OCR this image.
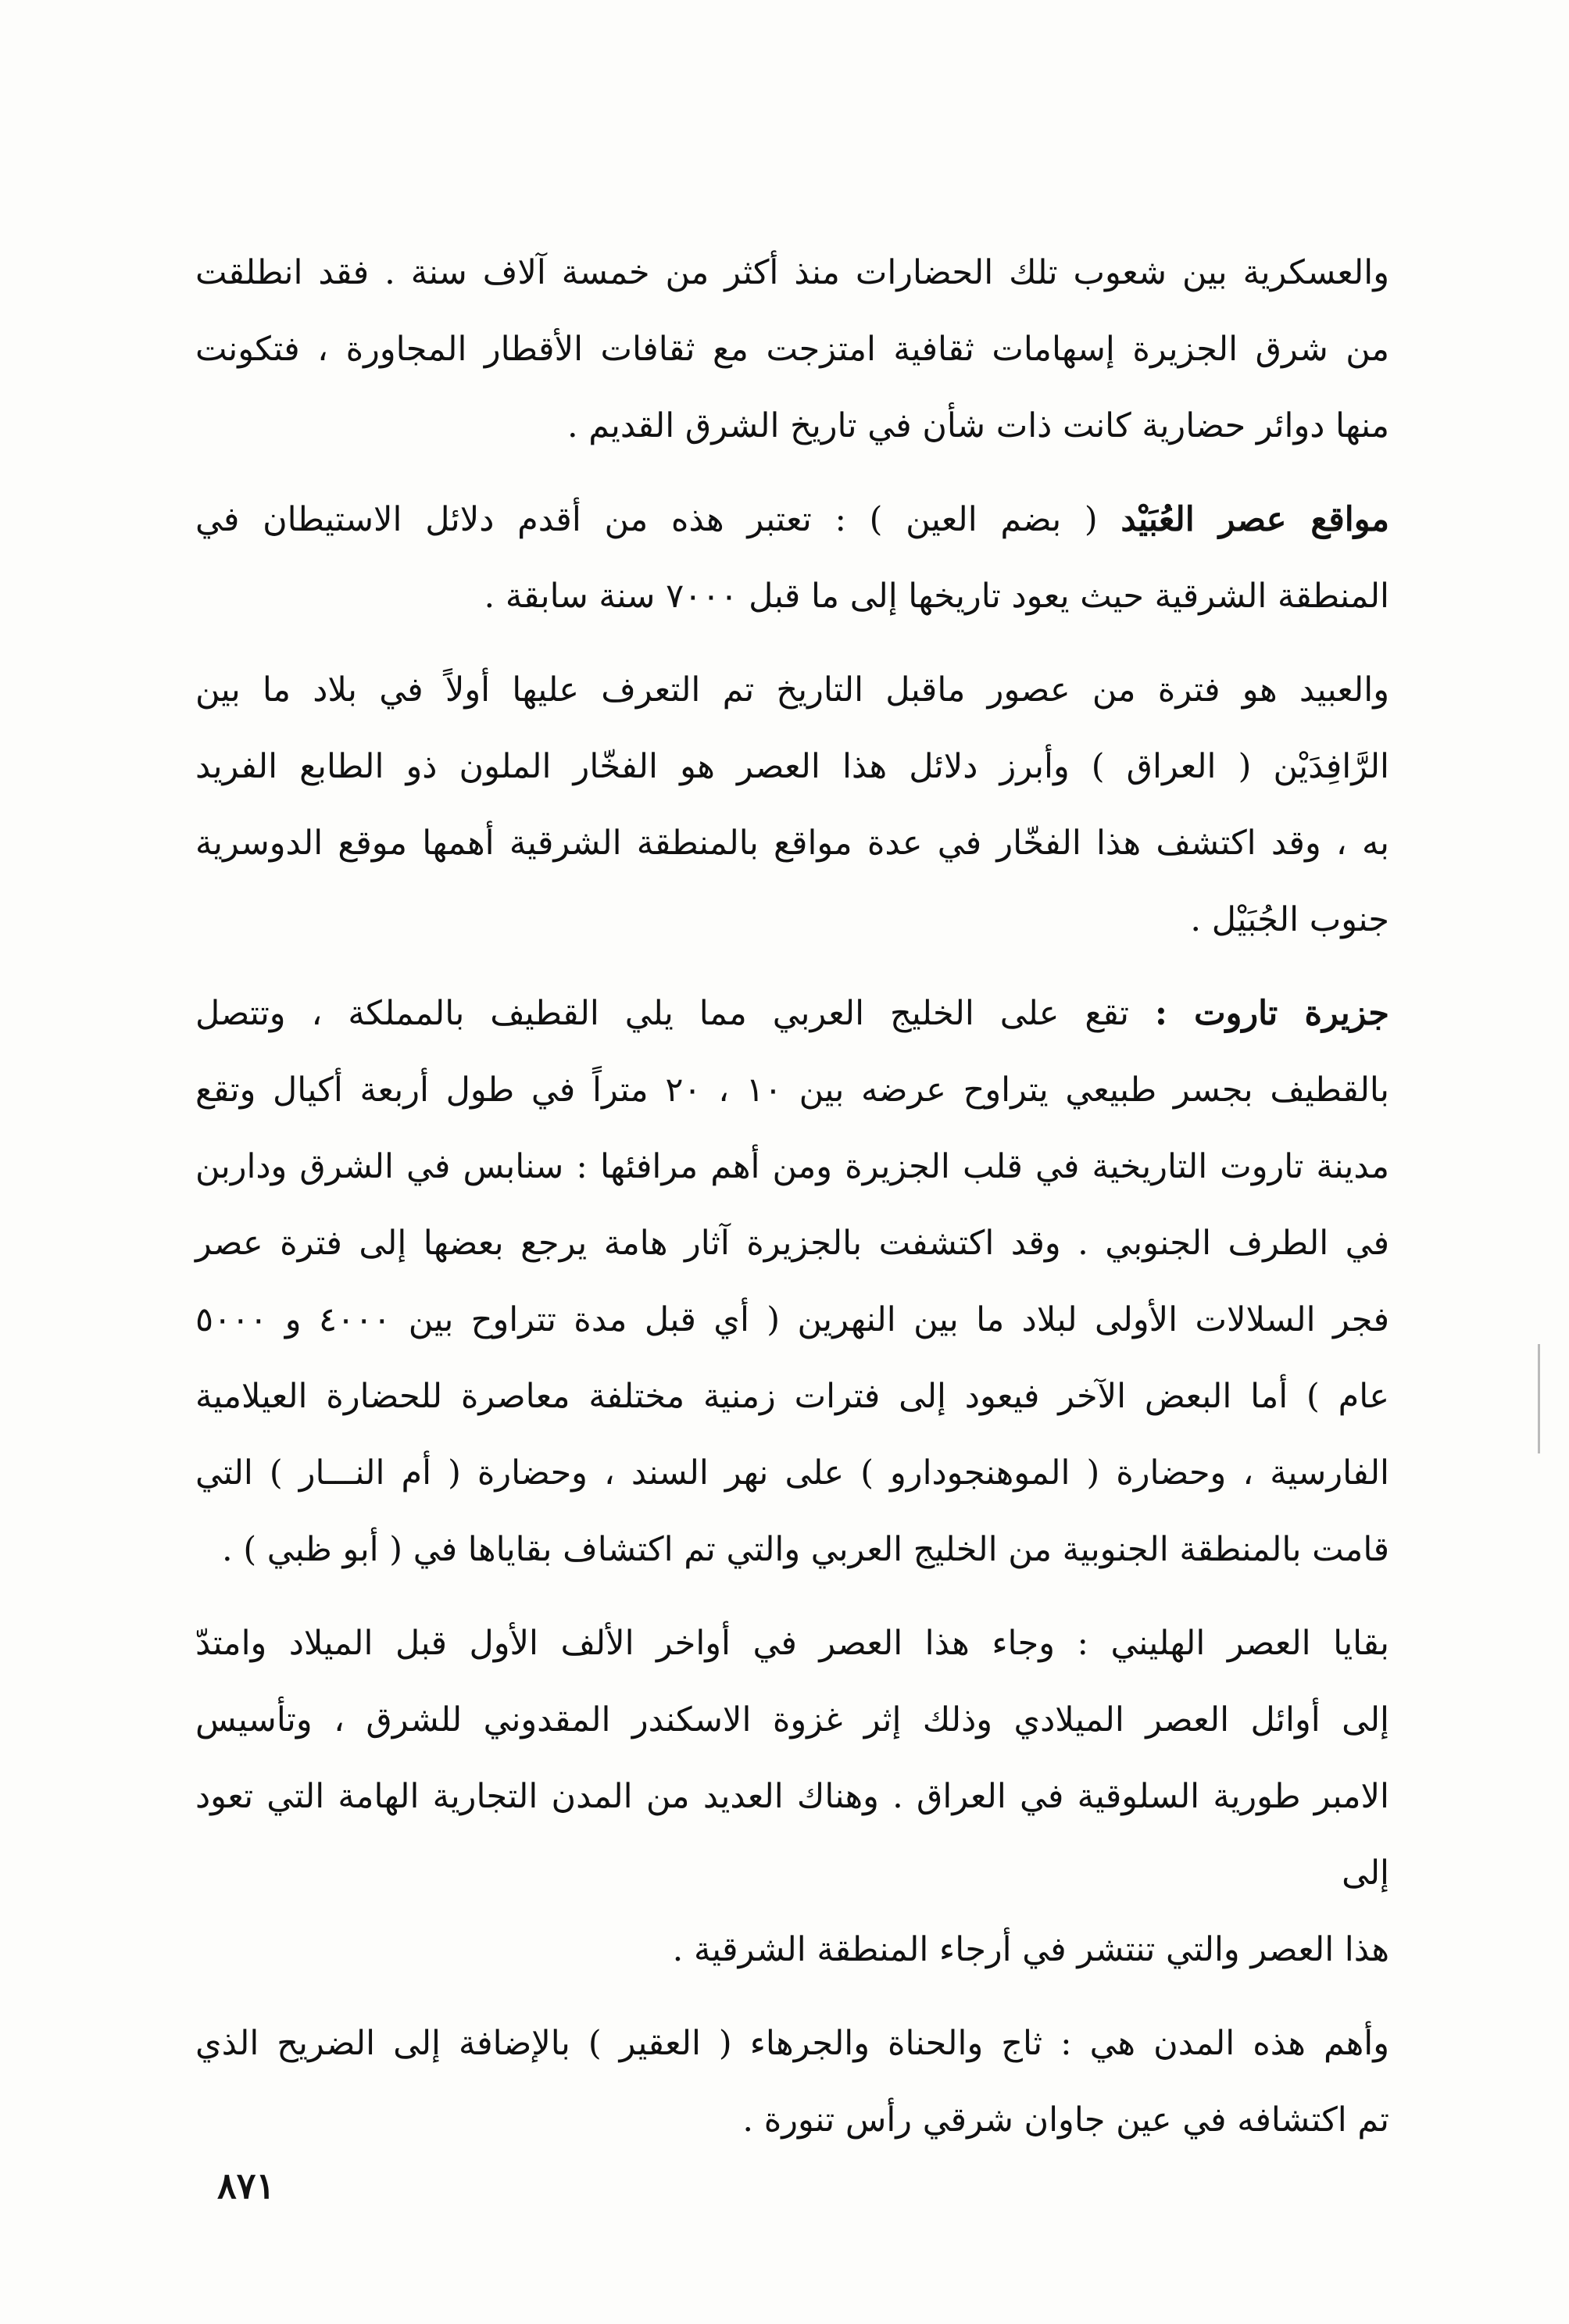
والعسكرية بين شعوب تلك الحضارات منذ أكثر من خمسة آلاف سنة . فقد انطلقت
من شرق الجزيرة إسهامات ثقافية امتزجت مع ثقافات الأقطار المجاورة ، فتكونت
منها دوائر حضارية كانت ذات شأن في تاريخ الشرق القديم .
مواقع عصر العُبَيْد ( بضم العين ) : تعتبر هذه من أقدم دلائل الاستيطان في
المنطقة الشرقية حيث يعود تاريخها إلى ما قبل ٧٠٠٠ سنة سابقة .
والعبيد هو فترة من عصور ماقبل التاريخ تم التعرف عليها أولاً في بلاد ما بين
الرَّافِدَيْن ( العراق ) وأبرز دلائل هذا العصر هو الفخّار الملون ذو الطابع الفريد
به ، وقد اكتشف هذا الفخّار في عدة مواقع بالمنطقة الشرقية أهمها موقع الدوسرية
جنوب الجُبَيْل .
جزيرة تاروت : تقع على الخليج العربي مما يلي القطيف بالمملكة ، وتتصل
بالقطيف بجسر طبيعي يتراوح عرضه بين ١٠ ، ٢٠ متراً في طول أربعة أكيال وتقع
مدينة تاروت التاريخية في قلب الجزيرة ومن أهم مرافئها : سنابس في الشرق وداربن
في الطرف الجنوبي . وقد اكتشفت بالجزيرة آثار هامة يرجع بعضها إلى فترة عصر
فجر السلالات الأولى لبلاد ما بين النهرين ( أي قبل مدة تتراوح بين ٤٠٠٠ و ٥٠٠٠
عام ) أما البعض الآخر فيعود إلى فترات زمنية مختلفة معاصرة للحضارة العيلامية
الفارسية ، وحضارة ( الموهنجودارو ) على نهر السند ، وحضارة ( أم النـــار ) التي
قامت بالمنطقة الجنوبية من الخليج العربي والتي تم اكتشاف بقاياها في ( أبو ظبي ) .
بقايا العصر الهليني : وجاء هذا العصر في أواخر الألف الأول قبل الميلاد وامتدّ
إلى أوائل العصر الميلادي وذلك إثر غزوة الاسكندر المقدوني للشرق ، وتأسيس
الامبر طورية السلوقية في العراق . وهناك العديد من المدن التجارية الهامة التي تعود إلى
هذا العصر والتي تنتشر في أرجاء المنطقة الشرقية .
وأهم هذه المدن هي : ثاج والحناة والجرهاء ( العقير ) بالإضافة إلى الضريح الذي
تم اكتشافه في عين جاوان شرقي رأس تنورة .
٨٧١
